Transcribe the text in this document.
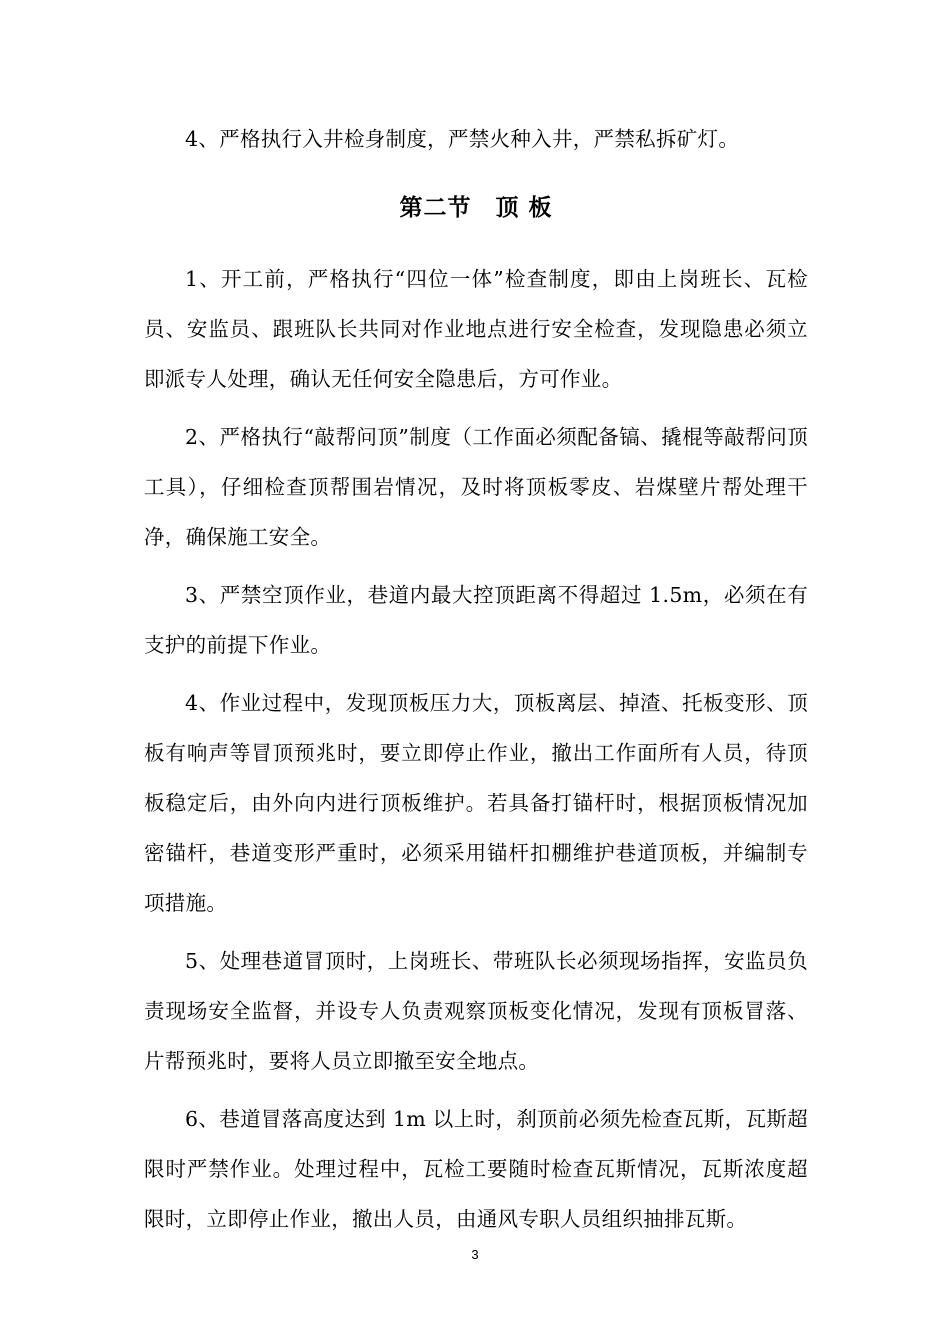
4、严格执行入井检身制度，严禁火种入井，严禁私拆矿灯。

第二节　顶 板

1、开工前，严格执行“四位一体”检查制度，即由上岗班长、瓦检员、安监员、跟班队长共同对作业地点进行安全检查，发现隐患必须立即派专人处理，确认无任何安全隐患后，方可作业。

2、严格执行“敲帮问顶”制度（工作面必须配备镐、撬棍等敲帮问顶工具），仔细检查顶帮围岩情况，及时将顶板零皮、岩煤壁片帮处理干净，确保施工安全。

3、严禁空顶作业，巷道内最大控顶距离不得超过 1.5m，必须在有支护的前提下作业。

4、作业过程中，发现顶板压力大，顶板离层、掉渣、托板变形、顶板有响声等冒顶预兆时，要立即停止作业，撤出工作面所有人员，待顶板稳定后，由外向内进行顶板维护。若具备打锚杆时，根据顶板情况加密锚杆，巷道变形严重时，必须采用锚杆扣棚维护巷道顶板，并编制专项措施。

5、处理巷道冒顶时，上岗班长、带班队长必须现场指挥，安监员负责现场安全监督，并设专人负责观察顶板变化情况，发现有顶板冒落、片帮预兆时，要将人员立即撤至安全地点。

6、巷道冒落高度达到 1m 以上时，刹顶前必须先检查瓦斯，瓦斯超限时严禁作业。处理过程中，瓦检工要随时检查瓦斯情况，瓦斯浓度超限时，立即停止作业，撤出人员，由通风专职人员组织抽排瓦斯。

3
